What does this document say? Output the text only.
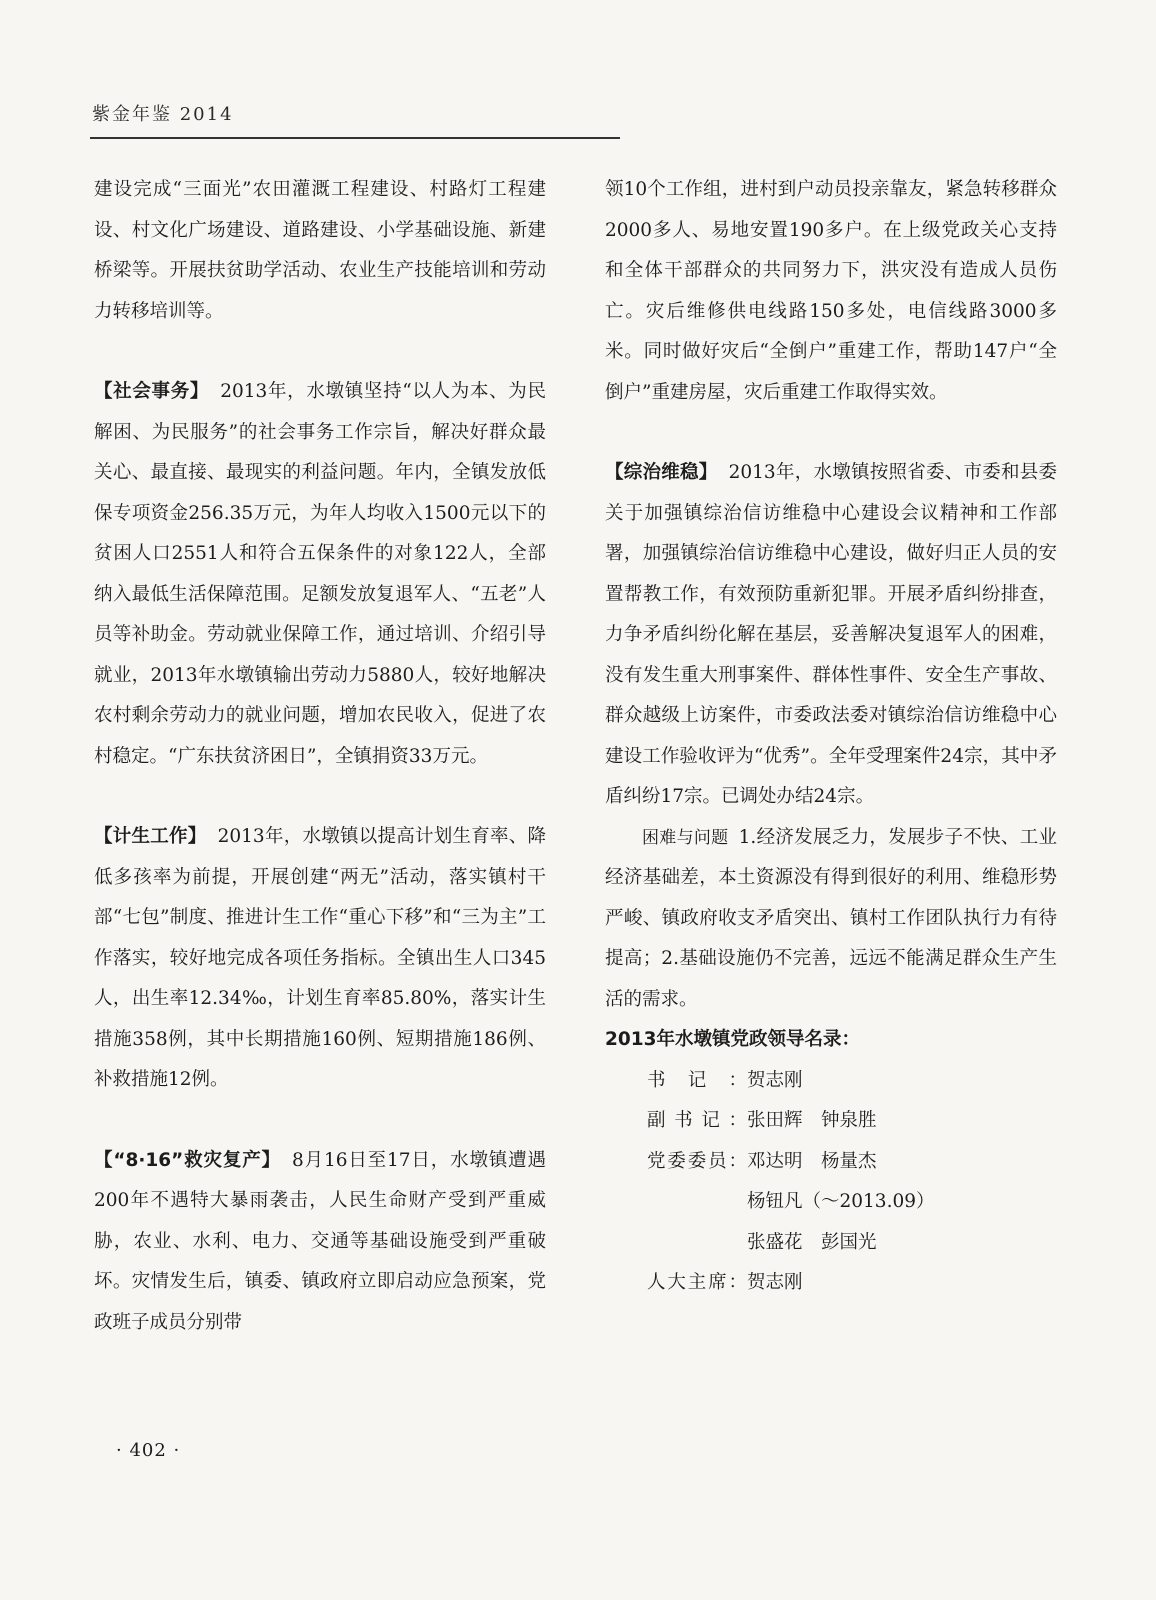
紫金年鉴 2014

建设完成“三面光”农田灌溉工程建设、村路灯工程建设、村文化广场建设、道路建设、小学基础设施、新建桥梁等。开展扶贫助学活动、农业生产技能培训和劳动力转移培训等。

【社会事务】 2013年，水墩镇坚持“以人为本、为民解困、为民服务”的社会事务工作宗旨，解决好群众最关心、最直接、最现实的利益问题。年内，全镇发放低保专项资金256.35万元，为年人均收入1500元以下的贫困人口2551人和符合五保条件的对象122人，全部纳入最低生活保障范围。足额发放复退军人、“五老”人员等补助金。劳动就业保障工作，通过培训、介绍引导就业，2013年水墩镇输出劳动力5880人，较好地解决农村剩余劳动力的就业问题，增加农民收入，促进了农村稳定。“广东扶贫济困日”，全镇捐资33万元。

【计生工作】 2013年，水墩镇以提高计划生育率、降低多孩率为前提，开展创建“两无”活动，落实镇村干部“七包”制度、推进计生工作“重心下移”和“三为主”工作落实，较好地完成各项任务指标。全镇出生人口345人，出生率12.34‰，计划生育率85.80%，落实计生措施358例，其中长期措施160例、短期措施186例、补救措施12例。

【“8·16”救灾复产】 8月16日至17日，水墩镇遭遇200年不遇特大暴雨袭击，人民生命财产受到严重威胁，农业、水利、电力、交通等基础设施受到严重破坏。灾情发生后，镇委、镇政府立即启动应急预案，党政班子成员分别带

领10个工作组，进村到户动员投亲靠友，紧急转移群众2000多人、易地安置190多户。在上级党政关心支持和全体干部群众的共同努力下，洪灾没有造成人员伤亡。灾后维修供电线路150多处，电信线路3000多米。同时做好灾后“全倒户”重建工作，帮助147户“全倒户”重建房屋，灾后重建工作取得实效。

【综治维稳】 2013年，水墩镇按照省委、市委和县委关于加强镇综治信访维稳中心建设会议精神和工作部署，加强镇综治信访维稳中心建设，做好归正人员的安置帮教工作，有效预防重新犯罪。开展矛盾纠纷排查，力争矛盾纠纷化解在基层，妥善解决复退军人的困难，没有发生重大刑事案件、群体性事件、安全生产事故、群众越级上访案件，市委政法委对镇综治信访维稳中心建设工作验收评为“优秀”。全年受理案件24宗，其中矛盾纠纷17宗。已调处办结24宗。

困难与问题 1.经济发展乏力，发展步子不快、工业经济基础差，本土资源没有得到很好的利用、维稳形势严峻、镇政府收支矛盾突出、镇村工作团队执行力有待提高；2.基础设施仍不完善，远远不能满足群众生产生活的需求。

2013年水墩镇党政领导名录：

书记： 贺志刚
副书记： 张田辉　钟泉胜
党委委员： 邓达明　杨量杰
杨钮凡（～2013.09）
张盛花　彭国光
人大主席： 贺志刚
· 402 ·
